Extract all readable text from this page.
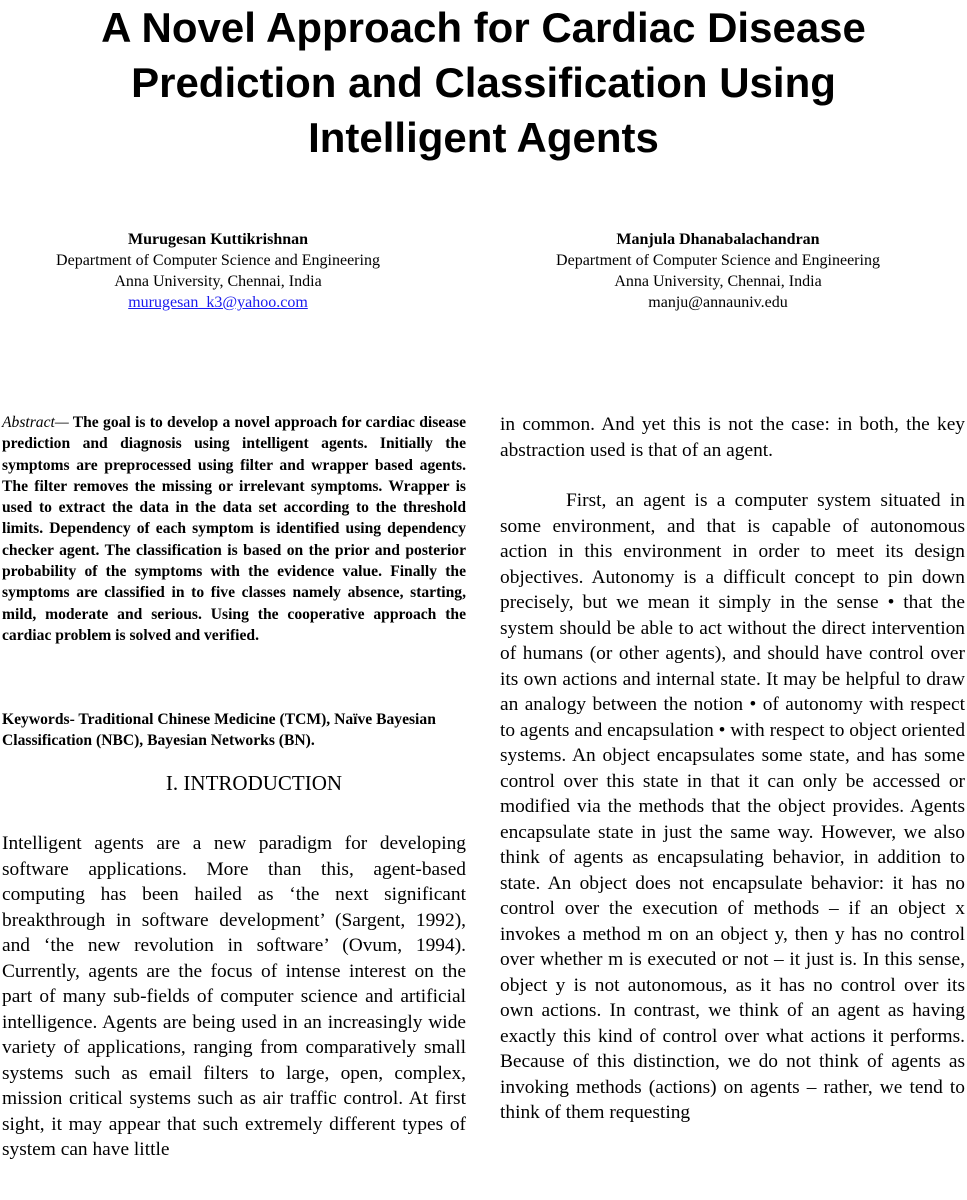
A Novel Approach for Cardiac Disease
Prediction and Classification Using
Intelligent Agents
Murugesan Kuttikrishnan
Department of Computer Science and Engineering
Anna University, Chennai, India
murugesan_k3@yahoo.com
Manjula Dhanabalachandran
Department of Computer Science and Engineering
Anna University, Chennai, India
manju@annauniv.edu
Abstract— The goal is to develop a novel approach for cardiac disease prediction and diagnosis using intelligent agents. Initially the symptoms are preprocessed using filter and wrapper based agents. The filter removes the missing or irrelevant symptoms. Wrapper is used to extract the data in the data set according to the threshold limits. Dependency of each symptom is identified using dependency checker agent. The classification is based on the prior and posterior probability of the symptoms with the evidence value. Finally the symptoms are classified in to five classes namely absence, starting, mild, moderate and serious. Using the cooperative approach the cardiac problem is solved and verified.
Keywords- Traditional Chinese Medicine (TCM), Naïve Bayesian Classification (NBC), Bayesian Networks (BN).
I. INTRODUCTION
Intelligent agents are a new paradigm for developing software applications. More than this, agent-based computing has been hailed as ‘the next significant breakthrough in software development’ (Sargent, 1992), and ‘the new revolution in software’ (Ovum, 1994). Currently, agents are the focus of intense interest on the part of many sub-fields of computer science and artificial intelligence. Agents are being used in an increasingly wide variety of applications, ranging from comparatively small systems such as email filters to large, open, complex, mission critical systems such as air traffic control. At first sight, it may appear that such extremely different types of system can have little

in common. And yet this is not the case: in both, the key abstraction used is that of an agent.

First, an agent is a computer system situated in some environment, and that is capable of autonomous action in this environment in order to meet its design objectives. Autonomy is a difficult concept to pin down precisely, but we mean it simply in the sense • that the system should be able to act without the direct intervention of humans (or other agents), and should have control over its own actions and internal state. It may be helpful to draw an analogy between the notion • of autonomy with respect to agents and encapsulation • with respect to object oriented systems. An object encapsulates some state, and has some control over this state in that it can only be accessed or modified via the methods that the object provides. Agents encapsulate state in just the same way. However, we also think of agents as encapsulating behavior, in addition to state. An object does not encapsulate behavior: it has no control over the execution of methods – if an object x invokes a method m on an object y, then y has no control over whether m is executed or not – it just is. In this sense, object y is not autonomous, as it has no control over its own actions. In contrast, we think of an agent as having exactly this kind of control over what actions it performs. Because of this distinction, we do not think of agents as invoking methods (actions) on agents – rather, we tend to think of them requesting
